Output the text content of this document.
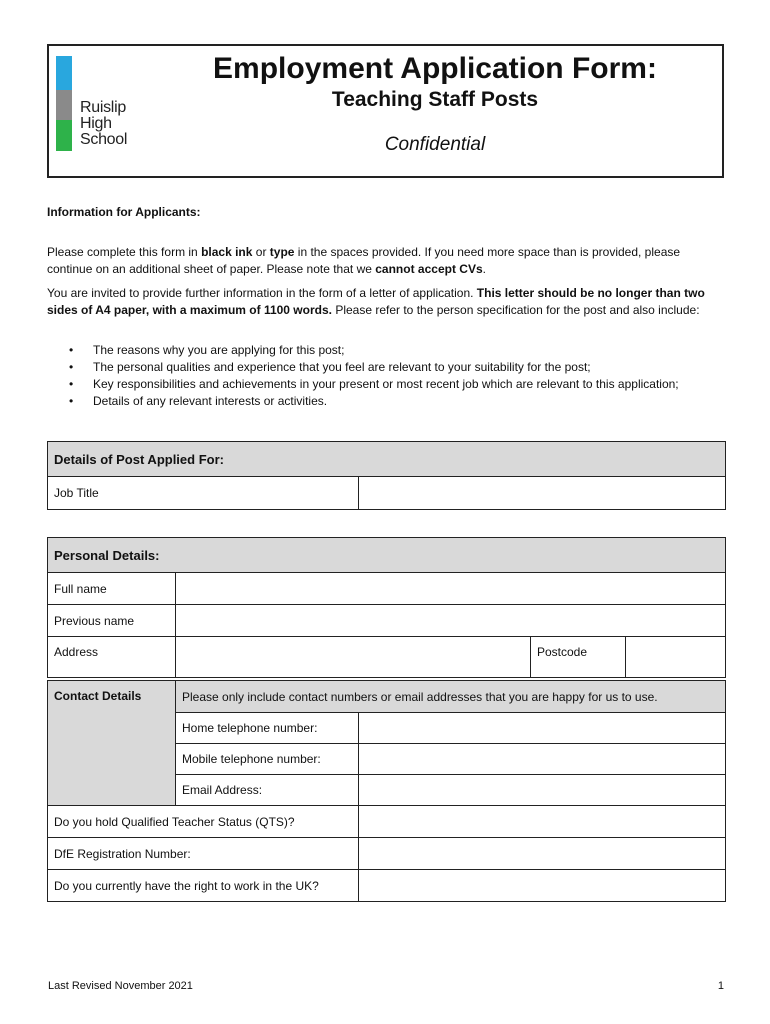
Ruislip
High
School
Employment Application Form:
Teaching Staff Posts
Confidential
Information for Applicants:
Please complete this form in black ink or type in the spaces provided. If you need more space than is provided, please continue on an additional sheet of paper. Please note that we cannot accept CVs.
You are invited to provide further information in the form of a letter of application. This letter should be no longer than two sides of A4 paper, with a maximum of 1100 words. Please refer to the person specification for the post and also include:
• The reasons why you are applying for this post;
• The personal qualities and experience that you feel are relevant to your suitability for the post;
• Key responsibilities and achievements in your present or most recent job which are relevant to this application;
• Details of any relevant interests or activities.
Details of Post Applied For:
Job Title	
Personal Details:			
Full name			
Previous name			
Address		Postcode	
Contact Details	Please only include contact numbers or email addresses that you are happy for us to use.	
	Home telephone number:	
	Mobile telephone number:	
	Email Address:	
Do you hold Qualified Teacher Status (QTS)?		
DfE Registration Number:		
Do you currently have the right to work in the UK?		
Last Revised November 2021	1
